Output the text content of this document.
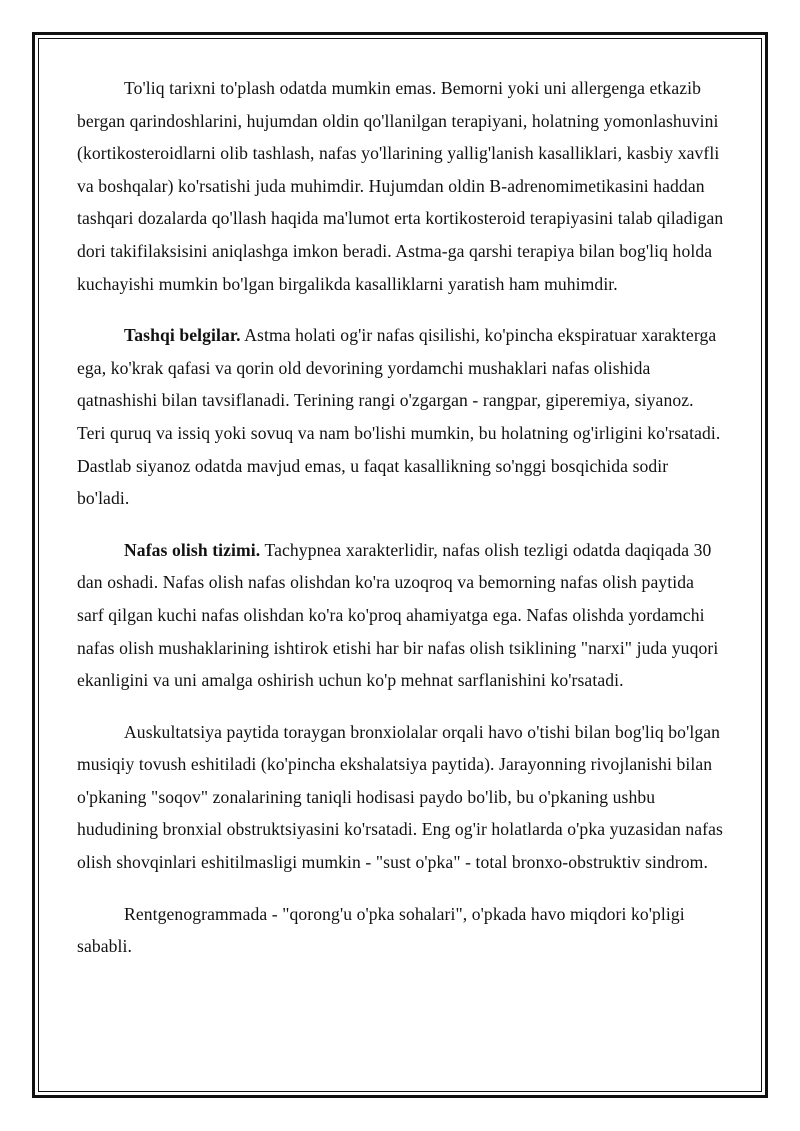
To'liq tarixni to'plash odatda mumkin emas. Bemorni yoki uni allergenga etkazib bergan qarindoshlarini, hujumdan oldin qo'llanilgan terapiyani, holatning yomonlashuvini (kortikosteroidlarni olib tashlash, nafas yo'llarining yallig'lanish kasalliklari, kasbiy xavfli va boshqalar) ko'rsatishi juda muhimdir. Hujumdan oldin B-adrenomimetikasini haddan tashqari dozalarda qo'llash haqida ma'lumot erta kortikosteroid terapiyasini talab qiladigan dori takifilaksisini aniqlashga imkon beradi. Astma-ga qarshi terapiya bilan bog'liq holda kuchayishi mumkin bo'lgan birgalikda kasalliklarni yaratish ham muhimdir.

Tashqi belgilar. Astma holati og'ir nafas qisilishi, ko'pincha ekspiratuar xarakterga ega, ko'krak qafasi va qorin old devorining yordamchi mushaklari nafas olishida qatnashishi bilan tavsiflanadi. Terining rangi o'zgargan - rangpar, giperemiya, siyanoz. Teri quruq va issiq yoki sovuq va nam bo'lishi mumkin, bu holatning og'irligini ko'rsatadi. Dastlab siyanoz odatda mavjud emas, u faqat kasallikning so'nggi bosqichida sodir bo'ladi.

Nafas olish tizimi. Tachypnea xarakterlidir, nafas olish tezligi odatda daqiqada 30 dan oshadi. Nafas olish nafas olishdan ko'ra uzoqroq va bemorning nafas olish paytida sarf qilgan kuchi nafas olishdan ko'ra ko'proq ahamiyatga ega. Nafas olishda yordamchi nafas olish mushaklarining ishtirok etishi har bir nafas olish tsiklining "narxi" juda yuqori ekanligini va uni amalga oshirish uchun ko'p mehnat sarflanishini ko'rsatadi.

Auskultatsiya paytida toraygan bronxiolalar orqali havo o'tishi bilan bog'liq bo'lgan musiqiy tovush eshitiladi (ko'pincha ekshalatsiya paytida). Jarayonning rivojlanishi bilan o'pkaning "soqov" zonalarining taniqli hodisasi paydo bo'lib, bu o'pkaning ushbu hududining bronxial obstruktsiyasini ko'rsatadi. Eng og'ir holatlarda o'pka yuzasidan nafas olish shovqinlari eshitilmasligi mumkin - "sust o'pka" - total bronxo-obstruktiv sindrom.

Rentgenogrammada - "qorong'u o'pka sohalari", o'pkada havo miqdori ko'pligi sababli.
